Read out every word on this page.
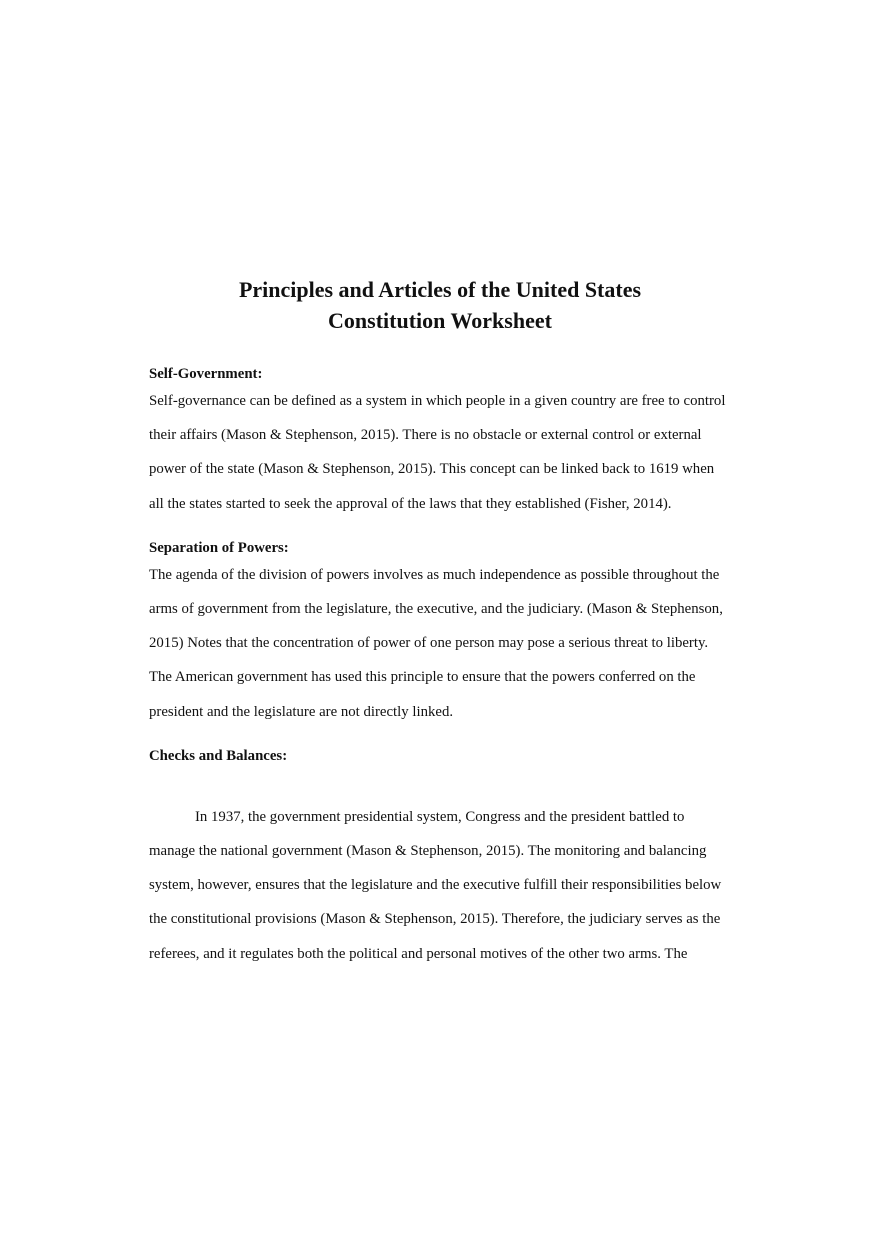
Principles and Articles of the United States
Constitution Worksheet

Self-Government:

Self-governance can be defined as a system in which people in a given country are free to control

their affairs (Mason & Stephenson, 2015). There is no obstacle or external control or external

power of the state (Mason & Stephenson, 2015). This concept can be linked back to 1619 when

all the states started to seek the approval of the laws that they established (Fisher, 2014).

Separation of Powers:

The agenda of the division of powers involves as much independence as possible throughout the

arms of government from the legislature, the executive, and the judiciary. (Mason & Stephenson,

2015) Notes that the concentration of power of one person may pose a serious threat to liberty.

The American government has used this principle to ensure that the powers conferred on the

president and the legislature are not directly linked.

Checks and Balances:

In 1937, the government presidential system, Congress and the president battled to

manage the national government (Mason & Stephenson, 2015). The monitoring and balancing

system, however, ensures that the legislature and the executive fulfill their responsibilities below

the constitutional provisions (Mason & Stephenson, 2015). Therefore, the judiciary serves as the

referees, and it regulates both the political and personal motives of the other two arms. The
